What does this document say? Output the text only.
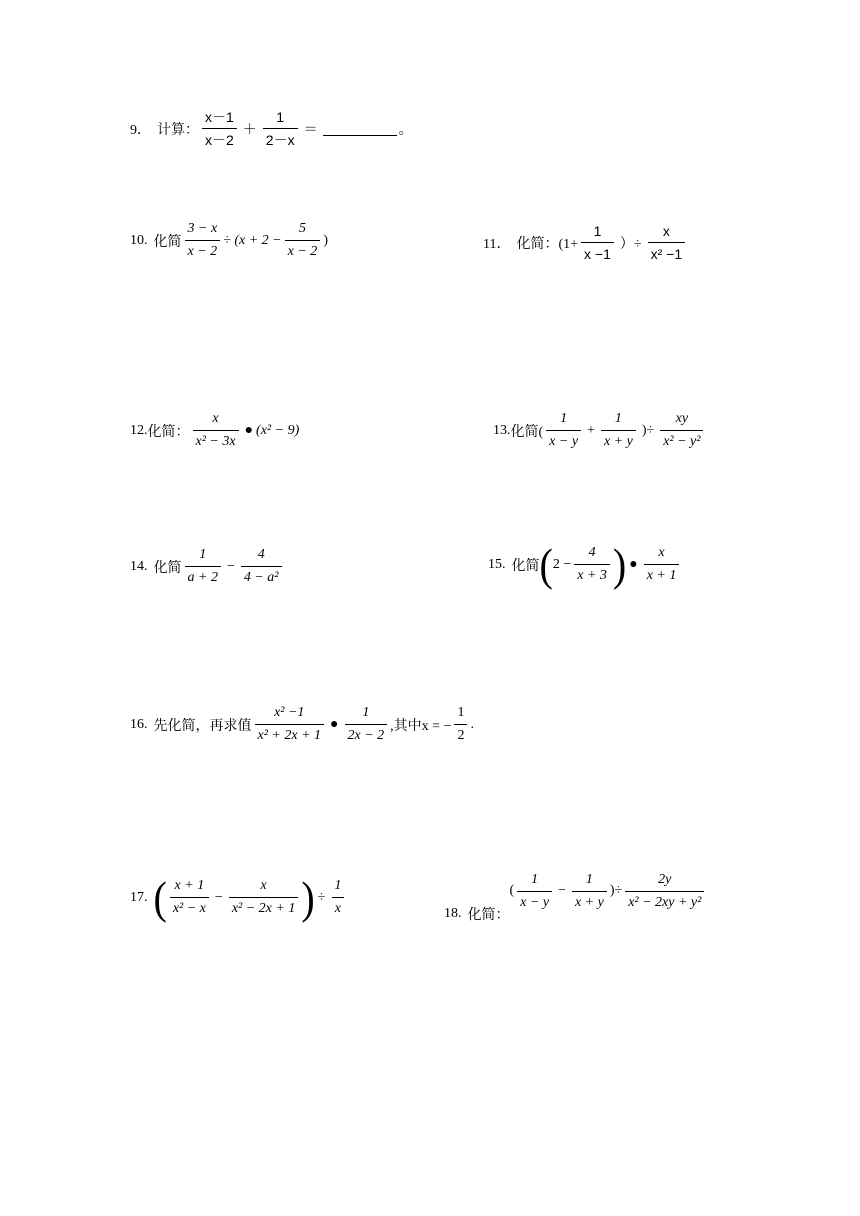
9． 计算： $\frac{x-1}{x-2} + \frac{1}{2-x}$ ＝	。
10. 化简 $\frac{3 - x}{x - 2} \div (x + 2 - \frac{5}{x - 2}$ )	11． 化简：($1+ \frac{1}{x -1}$ ）÷ $\frac{x}{\text{x² −1}}$
12. 化简： $\frac{x}{\text{x² − 3x}}$ ● (x² − 9)	13. 化简( $\frac{1}{x - y} + \frac{1}{x + y}$ )÷ $\frac{xy}{\text{x² − y²}}$
14. 化简 $\frac{1}{a + 2} - \frac{4}{\text{4 − a²}}$	15. 化简 ( $2 - \frac{4}{x + 3}$ ) ● $\frac{x}{x + 1}$
16. 先化简，再求值 $\frac{\text{x² −1}}{\text{x² + 2x + 1}}$ ● $\frac{1}{2x - 2}$ ,其中x = − $\frac{1}{2}$ .
17. ( $\frac{x + 1}{\text{x² − x}} - \frac{x}{\text{x² − 2x + 1}}$ ) ÷ $\frac{1}{x}$	18. 化简：
( $\frac{1}{x - y} - \frac{1}{x + y}$ )÷ $\frac{2y}{\text{x² − 2xy + y²}}$
